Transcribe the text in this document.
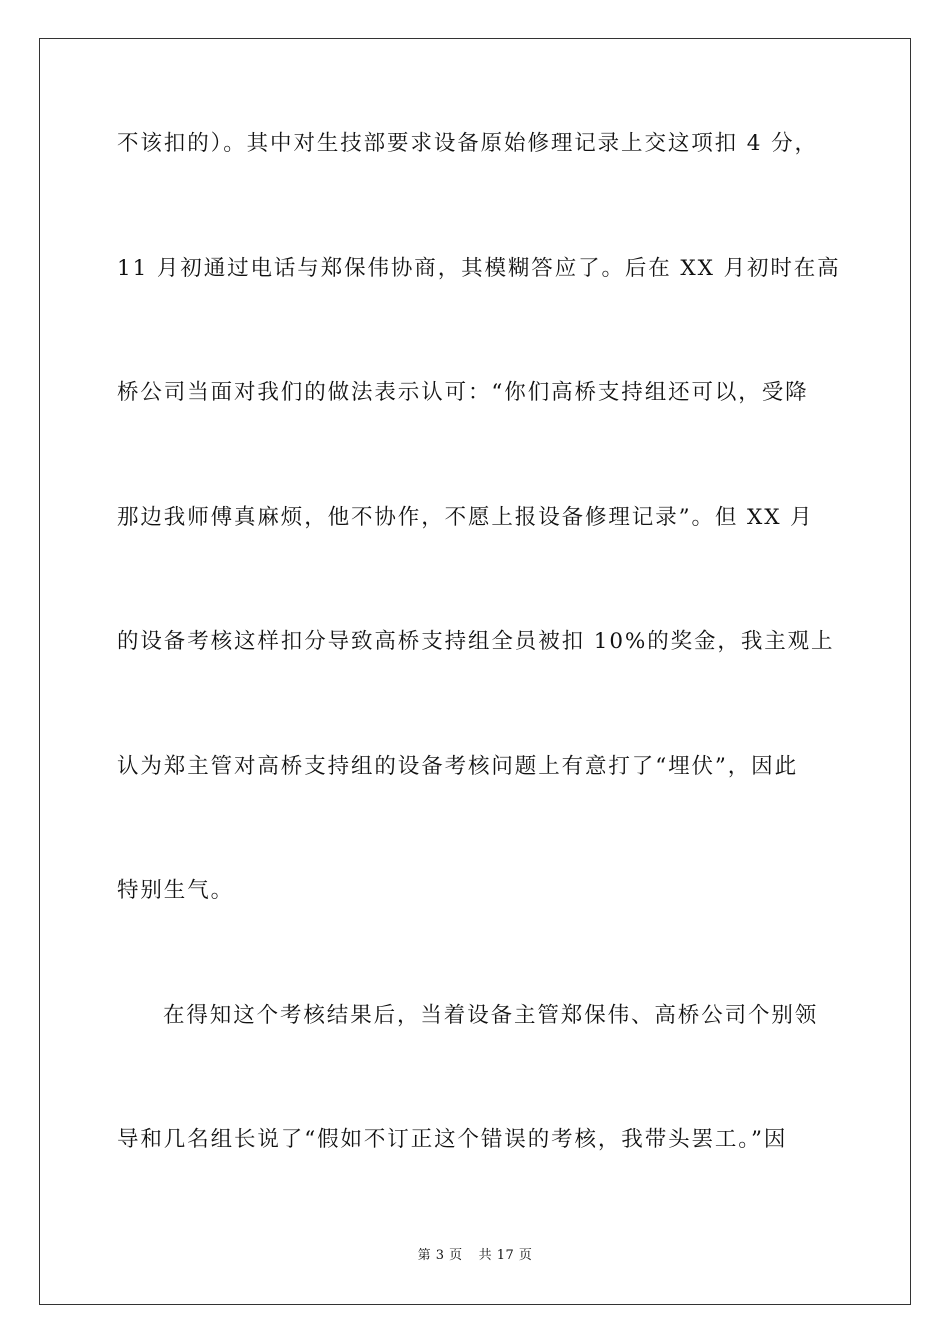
不该扣的）。其中对生技部要求设备原始修理记录上交这项扣 4 分，
11 月初通过电话与郑保伟协商，其模糊答应了。后在 XX 月初时在高
桥公司当面对我们的做法表示认可：“你们高桥支持组还可以，受降
那边我师傅真麻烦，他不协作，不愿上报设备修理记录”。但 XX 月
的设备考核这样扣分导致高桥支持组全员被扣 10%的奖金，我主观上
认为郑主管对高桥支持组的设备考核问题上有意打了“埋伏”，因此
特别生气。
在得知这个考核结果后，当着设备主管郑保伟、高桥公司个别领
导和几名组长说了“假如不订正这个错误的考核，我带头罢工。”因
第 3 页 共 17 页
